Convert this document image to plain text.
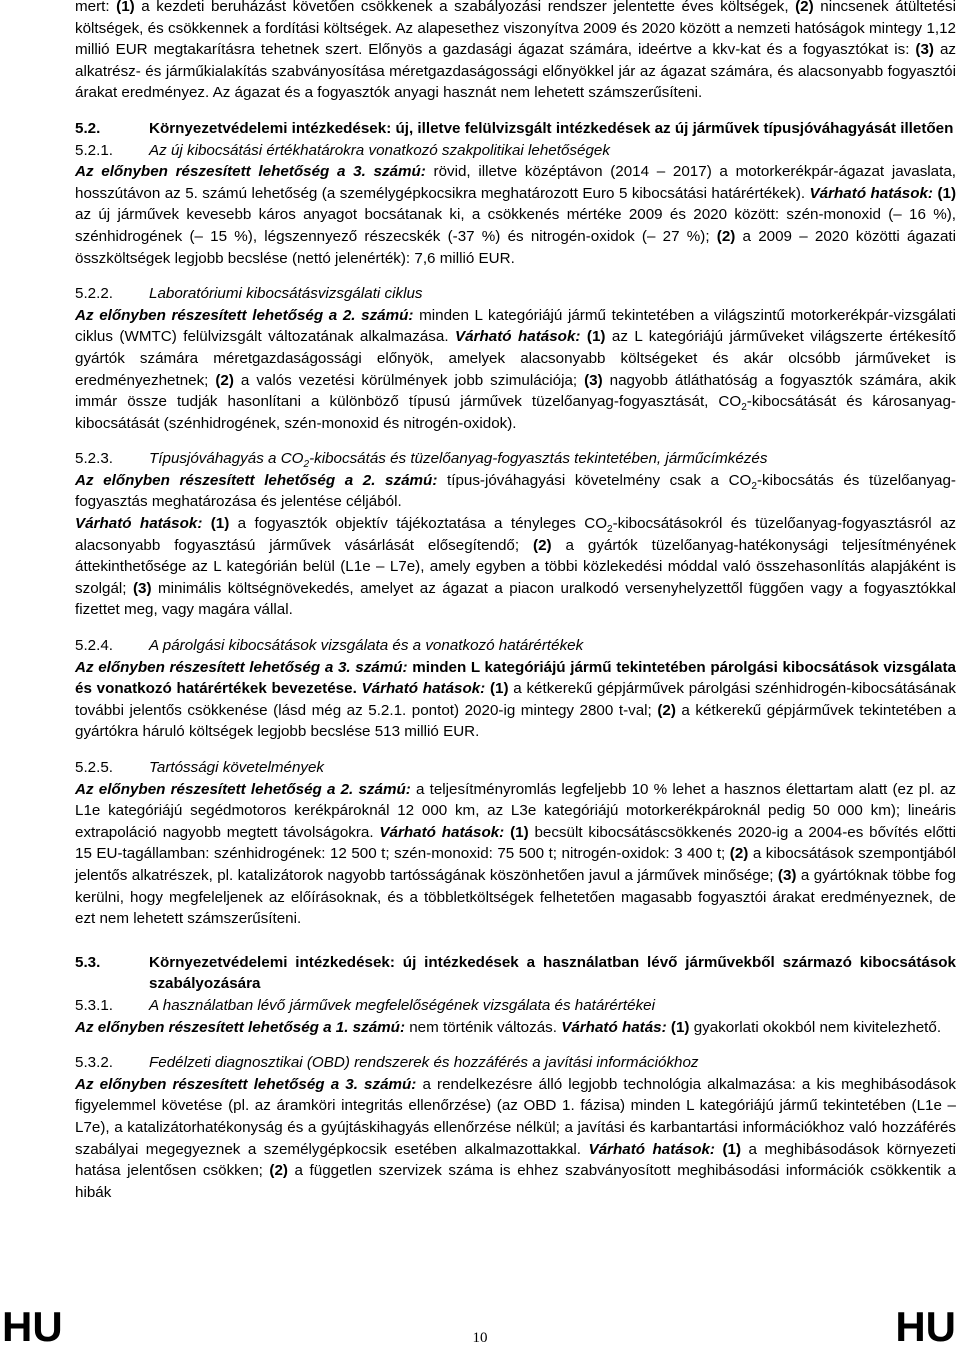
mert: (1) a kezdeti beruházást követően csökkenek a szabályozási rendszer jelentette éves költségek, (2) nincsenek átültetési költségek, és csökkennek a fordítási költségek. Az alapesethez viszonyítva 2009 és 2020 között a nemzeti hatóságok mintegy 1,12 millió EUR megtakarításra tehetnek szert. Előnyös a gazdasági ágazat számára, ideértve a kkv-kat és a fogyasztókat is: (3) az alkatrész- és járműkialakítás szabványosítása méretgazdaságossági előnyökkel jár az ágazat számára, és alacsonyabb fogyasztói árakat eredményez. Az ágazat és a fogyasztók anyagi hasznát nem lehetett számszerűsíteni.

5.2.	Környezetvédelemi intézkedések: új, illetve felülvizsgált intézkedések az új járművek típusjóváhagyását illetően
5.2.1.	Az új kibocsátási értékhatárokra vonatkozó szakpolitikai lehetőségek

Az előnyben részesített lehetőség a 3. számú: rövid, illetve középtávon (2014 – 2017) a motorkerékpár-ágazat javaslata, hosszútávon az 5. számú lehetőség (a személygépkocsikra meghatározott Euro 5 kibocsátási határértékek). Várható hatások: (1) az új járművek kevesebb káros anyagot bocsátanak ki, a csökkenés mértéke 2009 és 2020 között: szén-monoxid (– 16 %), szénhidrogének (– 15 %), légszennyező részecskék (-37 %) és nitrogén-oxidok (– 27 %); (2) a 2009 – 2020 közötti ágazati összköltségek legjobb becslése (nettó jelenérték): 7,6 millió EUR.

5.2.2.	Laboratóriumi kibocsátásvizsgálati ciklus

Az előnyben részesített lehetőség a 2. számú: minden L kategóriájú jármű tekintetében a világszintű motorkerékpár-vizsgálati ciklus (WMTC) felülvizsgált változatának alkalmazása. Várható hatások: (1) az L kategóriájú járműveket világszerte értékesítő gyártók számára méretgazdaságossági előnyök, amelyek alacsonyabb költségeket és akár olcsóbb járműveket is eredményezhetnek; (2) a valós vezetési körülmények jobb szimulációja; (3) nagyobb átláthatóság a fogyasztók számára, akik immár össze tudják hasonlítani a különböző típusú járművek tüzelőanyag-fogyasztását, $CO_2$-kibocsátását és károsanyag-kibocsátását (szénhidrogének, szén-monoxid és nitrogén-oxidok).

5.2.3.	Típusjóváhagyás a $CO_2$-kibocsátás és tüzelőanyag-fogyasztás tekintetében, járműcímkézés

Az előnyben részesített lehetőség a 2. számú: típus-jóváhagyási követelmény csak a $CO_2$-kibocsátás és tüzelőanyag-fogyasztás meghatározása és jelentése céljából.

Várható hatások: (1) a fogyasztók objektív tájékoztatása a tényleges $CO_2$-kibocsátásokról és tüzelőanyag-fogyasztásról az alacsonyabb fogyasztású járművek vásárlását elősegítendő; (2) a gyártók tüzelőanyag-hatékonysági teljesítményének áttekinthetősége az L kategórián belül (L1e – L7e), amely egyben a többi közlekedési móddal való összehasonlítás alapjáként is szolgál; (3) minimális költségnövekedés, amelyet az ágazat a piacon uralkodó versenyhelyzettől függően vagy a fogyasztókkal fizettet meg, vagy magára vállal.

5.2.4.	A párolgási kibocsátások vizsgálata és a vonatkozó határértékek

Az előnyben részesített lehetőség a 3. számú: minden L kategóriájú jármű tekintetében párolgási kibocsátások vizsgálata és vonatkozó határértékek bevezetése. Várható hatások: (1) a kétkerekű gépjárművek párolgási szénhidrogén-kibocsátásának további jelentős csökkenése (lásd még az 5.2.1. pontot) 2020-ig mintegy 2800 t-val; (2) a kétkerekű gépjárművek tekintetében a gyártókra háruló költségek legjobb becslése 513 millió EUR.

5.2.5.	Tartóssági követelmények

Az előnyben részesített lehetőség a 2. számú: a teljesítményromlás legfeljebb 10 % lehet a hasznos élettartam alatt (ez pl. az L1e kategóriájú segédmotoros kerékpároknál 12 000 km, az L3e kategóriájú motorkerékpároknál pedig 50 000 km); lineáris extrapoláció nagyobb megtett távolságokra. Várható hatások: (1) becsült kibocsátáscsökkenés 2020-ig a 2004-es bővítés előtti 15 EU-tagállamban: szénhidrogének: 12 500 t; szén-monoxid: 75 500 t; nitrogén-oxidok: 3 400 t; (2) a kibocsátások szempontjából jelentős alkatrészek, pl. katalizátorok nagyobb tartósságának köszönhetően javul a járművek minősége; (3) a gyártóknak többe fog kerülni, hogy megfeleljenek az előírásoknak, és a többletköltségek felhetetően magasabb fogyasztói árakat eredményeznek, de ezt nem lehetett számszerűsíteni.

5.3.	Környezetvédelemi intézkedések: új intézkedések a használatban lévő járművekből származó kibocsátások szabályozására
5.3.1.	A használatban lévő járművek megfelelőségének vizsgálata és határértékei

Az előnyben részesített lehetőség a 1. számú: nem történik változás. Várható hatás: (1) gyakorlati okokból nem kivitelezhető.

5.3.2.	Fedélzeti diagnosztikai (OBD) rendszerek és hozzáférés a javítási információkhoz

Az előnyben részesített lehetőség a 3. számú: a rendelkezésre álló legjobb technológia alkalmazása: a kis meghibásodások figyelemmel követése (pl. az áramköri integritás ellenőrzése) (az OBD 1. fázisa) minden L kategóriájú jármű tekintetében (L1e – L7e), a katalizátorhatékonyság és a gyújtáskihagyás ellenőrzése nélkül; a javítási és karbantartási információkhoz való hozzáférés szabályai megegyeznek a személygépkocsik esetében alkalmazottakkal. Várható hatások: (1) a meghibásodások környezeti hatása jelentősen csökken; (2) a független szervizek száma is ehhez szabványosított meghibásodási információk csökkentik a hibák

HU	10	HU
